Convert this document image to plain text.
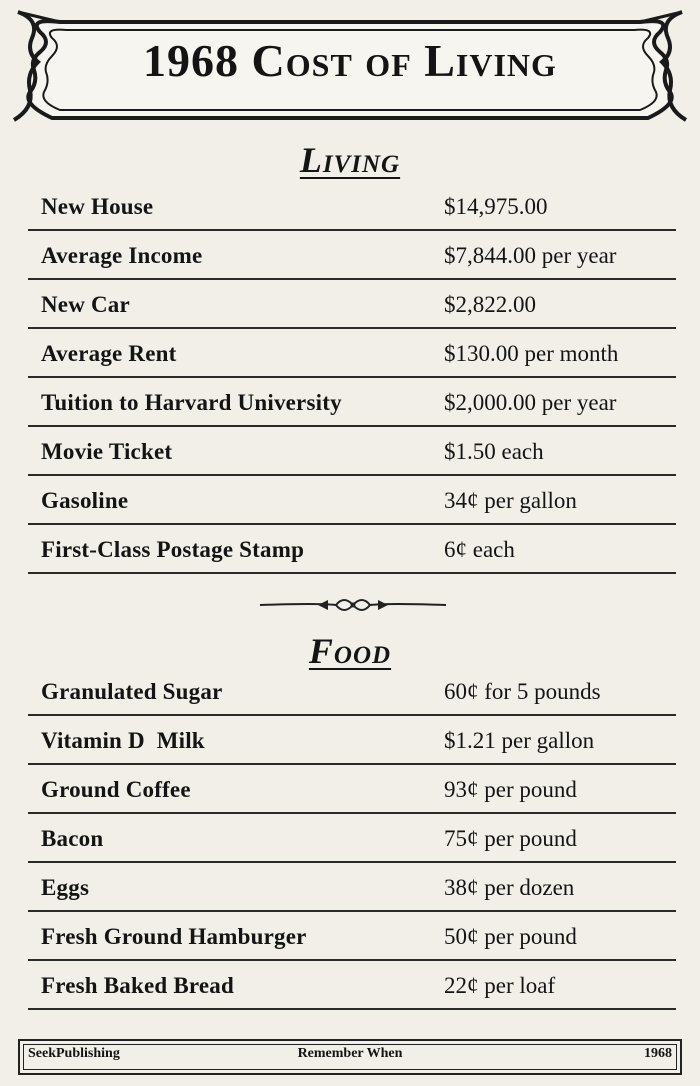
1968 Cost of Living
Living
New House	$14,975.00
Average Income	$7,844.00 per year
New Car	$2,822.00
Average Rent	$130.00 per month
Tuition to Harvard University	$2,000.00 per year
Movie Ticket	$1.50 each
Gasoline	34¢ per gallon
First-Class Postage Stamp	6¢ each
Food
Granulated Sugar	60¢ for 5 pounds
Vitamin D  Milk	$1.21 per gallon
Ground Coffee	93¢ per pound
Bacon	75¢ per pound
Eggs	38¢ per dozen
Fresh Ground Hamburger	50¢ per pound
Fresh Baked Bread	22¢ per loaf
SeekPublishing	Remember When	1968
